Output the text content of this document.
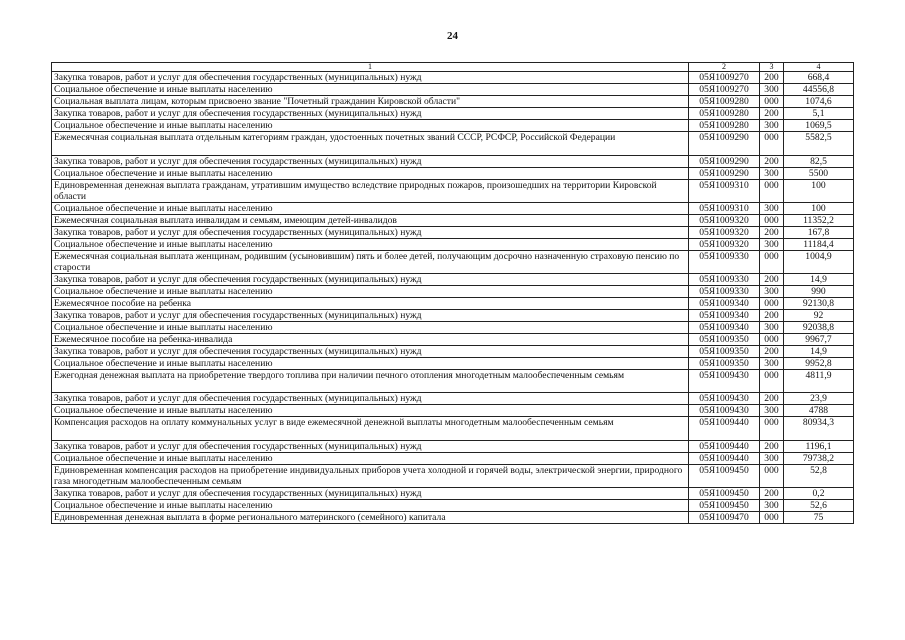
24
1	2	3	4
Закупка товаров, работ и услуг для обеспечения государственных (муниципальных) нужд	05Я1009270	200	668,4
Социальное обеспечение и иные выплаты населению	05Я1009270	300	44556,8
Социальная выплата лицам, которым присвоено звание "Почетный гражданин Кировской области"	05Я1009280	000	1074,6
Закупка товаров, работ и услуг для обеспечения государственных (муниципальных) нужд	05Я1009280	200	5,1
Социальное обеспечение и иные выплаты населению	05Я1009280	300	1069,5
Ежемесячная социальная выплата отдельным категориям граждан, удостоенных почетных званий СССР, РСФСР, Российской Федерации	05Я1009290	000	5582,5
Закупка товаров, работ и услуг для обеспечения государственных (муниципальных) нужд	05Я1009290	200	82,5
Социальное обеспечение и иные выплаты населению	05Я1009290	300	5500
Единовременная денежная выплата гражданам, утратившим имущество вследствие природных пожаров, произошедших на территории Кировской области	05Я1009310	000	100
Социальное обеспечение и иные выплаты населению	05Я1009310	300	100
Ежемесячная социальная выплата инвалидам и семьям, имеющим детей-инвалидов	05Я1009320	000	11352,2
Закупка товаров, работ и услуг для обеспечения государственных (муниципальных) нужд	05Я1009320	200	167,8
Социальное обеспечение и иные выплаты населению	05Я1009320	300	11184,4
Ежемесячная социальная выплата женщинам, родившим (усыновившим) пять и более детей, получающим досрочно назначенную страховую пенсию по старости	05Я1009330	000	1004,9
Закупка товаров, работ и услуг для обеспечения государственных (муниципальных) нужд	05Я1009330	200	14,9
Социальное обеспечение и иные выплаты населению	05Я1009330	300	990
Ежемесячное пособие на ребенка	05Я1009340	000	92130,8
Закупка товаров, работ и услуг для обеспечения государственных (муниципальных) нужд	05Я1009340	200	92
Социальное обеспечение и иные выплаты населению	05Я1009340	300	92038,8
Ежемесячное пособие на ребенка-инвалида	05Я1009350	000	9967,7
Закупка товаров, работ и услуг для обеспечения государственных (муниципальных) нужд	05Я1009350	200	14,9
Социальное обеспечение и иные выплаты населению	05Я1009350	300	9952,8
Ежегодная денежная выплата на приобретение твердого топлива при наличии печного отопления многодетным малообеспеченным семьям	05Я1009430	000	4811,9
Закупка товаров, работ и услуг для обеспечения государственных (муниципальных) нужд	05Я1009430	200	23,9
Социальное обеспечение и иные выплаты населению	05Я1009430	300	4788
Компенсация расходов на оплату коммунальных услуг в виде ежемесячной денежной выплаты многодетным малообеспеченным семьям	05Я1009440	000	80934,3
Закупка товаров, работ и услуг для обеспечения государственных (муниципальных) нужд	05Я1009440	200	1196,1
Социальное обеспечение и иные выплаты населению	05Я1009440	300	79738,2
Единовременная компенсация расходов на приобретение индивидуальных приборов учета холодной и горячей воды, электрической энергии, природного газа многодетным малообеспеченным семьям	05Я1009450	000	52,8
Закупка товаров, работ и услуг для обеспечения государственных (муниципальных) нужд	05Я1009450	200	0,2
Социальное обеспечение и иные выплаты населению	05Я1009450	300	52,6
Единовременная денежная выплата в форме регионального материнского (семейного) капитала	05Я1009470	000	75
